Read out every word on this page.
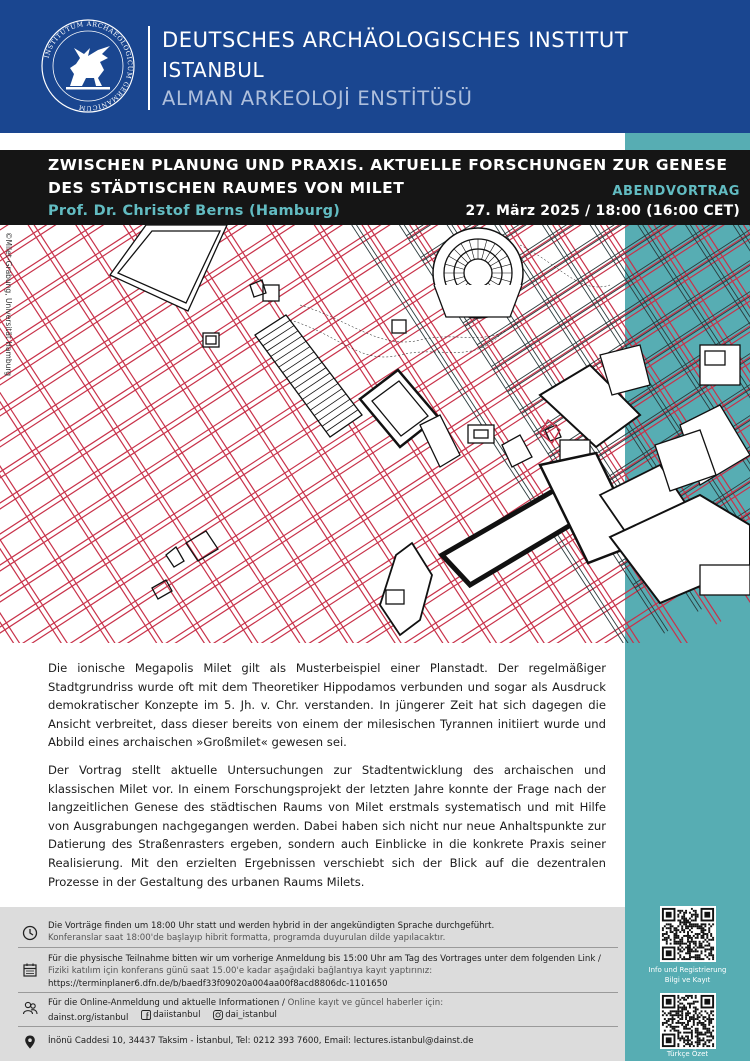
INSTITUTUM ARCHAEOLOGICUM GERMANICUM
DEUTSCHES ARCHÄOLOGISCHES INSTITUT
ISTANBUL
ALMAN ARKEOLOJİ ENSTİTÜSÜ
ZWISCHEN PLANUNG UND PRAXIS. AKTUELLE FORSCHUNGEN ZUR GENESE DES STÄDTISCHEN RAUMES VON MILET
Prof. Dr. Christof Berns (Hamburg)
ABENDVORTRAG
27. März 2025 / 18:00 (16:00 CET)
©Milet-Grabung, Universität Hamburg

Die ionische Megapolis Milet gilt als Musterbeispiel einer Planstadt. Der regelmäßiger Stadtgrundriss wurde oft mit dem Theoretiker Hippodamos verbunden und sogar als Ausdruck demokratischer Konzepte im 5. Jh. v. Chr. verstanden. In jüngerer Zeit hat sich dagegen die Ansicht verbreitet, dass dieser bereits von einem der milesischen Tyrannen initiiert wurde und Abbild eines archaischen »Großmilet« gewesen sei.

Der Vortrag stellt aktuelle Untersuchungen zur Stadtentwicklung des archaischen und klassischen Milet vor. In einem Forschungsprojekt der letzten Jahre konnte der Frage nach der langzeitlichen Genese des städtischen Raums von Milet erstmals systematisch und mit Hilfe von Ausgrabungen nachgegangen werden. Dabei haben sich nicht nur neue Anhaltspunkte zur Datierung des Straßenrasters ergeben, sondern auch Einblicke in die konkrete Praxis seiner Realisierung. Mit den erzielten Ergebnissen verschiebt sich der Blick auf die dezentralen Prozesse in der Gestaltung des urbanen Raums Milets.

Die Vorträge finden um 18:00 Uhr statt und werden hybrid in der angekündigten Sprache durchgeführt.
Konferanslar saat 18:00'de başlayıp hibrit formatta, programda duyurulan dilde yapılacaktır.
Für die physische Teilnahme bitten wir um vorherige Anmeldung bis 15:00 Uhr am Tag des Vortrages unter dem folgenden Link / Fiziki katılım için konferans günü saat 15.00'e kadar aşağıdaki bağlantıya kayıt yaptırınız:
https://terminplaner6.dfn.de/b/baedf33f09020a004aa00f8acd8806dc-1101650
Für die Online-Anmeldung und aktuelle Informationen / Online kayıt ve güncel haberler için:
dainst.org/istanbul
	daiistanbul
	dai_istanbul
İnönü Caddesi 10, 34437 Taksim - İstanbul, Tel: 0212 393 7600, Email: lectures.istanbul@dainst.de
Info und Registrierung
Bilgi ve Kayıt
Türkçe Özet
